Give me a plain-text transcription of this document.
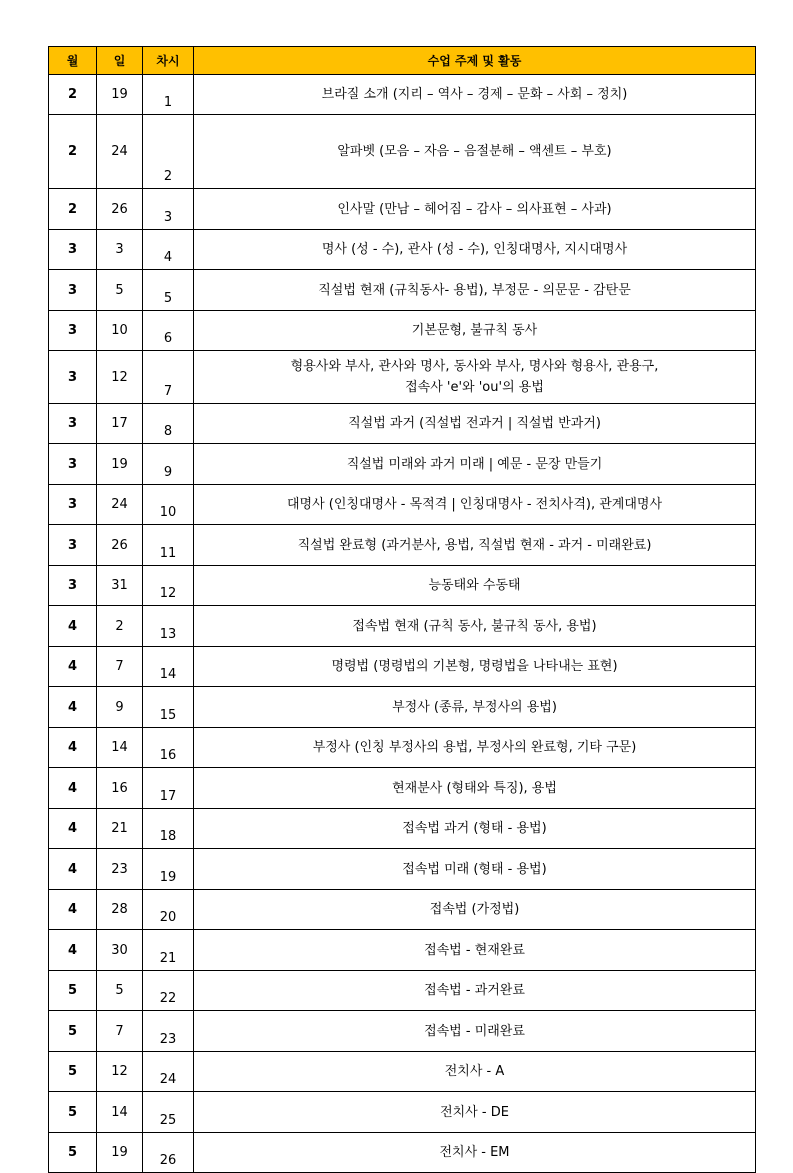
월	일	차시	수업 주제 및 활동
2	19	1	브라질 소개 (지리 – 역사 – 경제 – 문화 – 사회 – 정치)
2	24	2	알파벳 (모음 – 자음 – 음절분해 – 액센트 – 부호)
2	26	3	인사말 (만남 – 헤어짐 – 감사 – 의사표현 – 사과)
3	3	4	명사 (성 - 수), 관사 (성 - 수), 인칭대명사, 지시대명사
3	5	5	직설법 현재 (규칙동사- 용법), 부정문 - 의문문 - 감탄문
3	10	6	기본문형, 불규칙 동사
3	12	7	형용사와 부사, 관사와 명사, 동사와 부사, 명사와 형용사, 관용구,
접속사 'e'와 'ou'의 용법

3	17	8	직설법 과거 (직설법 전과거 | 직설법 반과거)
3	19	9	직설법 미래와 과거 미래 | 예문 - 문장 만들기
3	24	10	대명사 (인칭대명사 - 목적격 | 인칭대명사 - 전치사격), 관계대명사
3	26	11	직설법 완료형 (과거분사, 용법, 직설법 현재 - 과거 - 미래완료)
3	31	12	능동태와 수동태
4	2	13	접속법 현재 (규칙 동사, 불규칙 동사, 용법)
4	7	14	명령법 (명령법의 기본형, 명령법을 나타내는 표현)
4	9	15	부정사 (종류, 부정사의 용법)
4	14	16	부정사 (인칭 부정사의 용법, 부정사의 완료형, 기타 구문)
4	16	17	현재분사 (형태와 특징), 용법
4	21	18	접속법 과거 (형태 - 용법)
4	23	19	접속법 미래 (형태 - 용법)
4	28	20	접속법 (가정법)
4	30	21	접속법 - 현재완료
5	5	22	접속법 - 과거완료
5	7	23	접속법 - 미래완료
5	12	24	전치사 - A
5	14	25	전치사 - DE
5	19	26	전치사 - EM
